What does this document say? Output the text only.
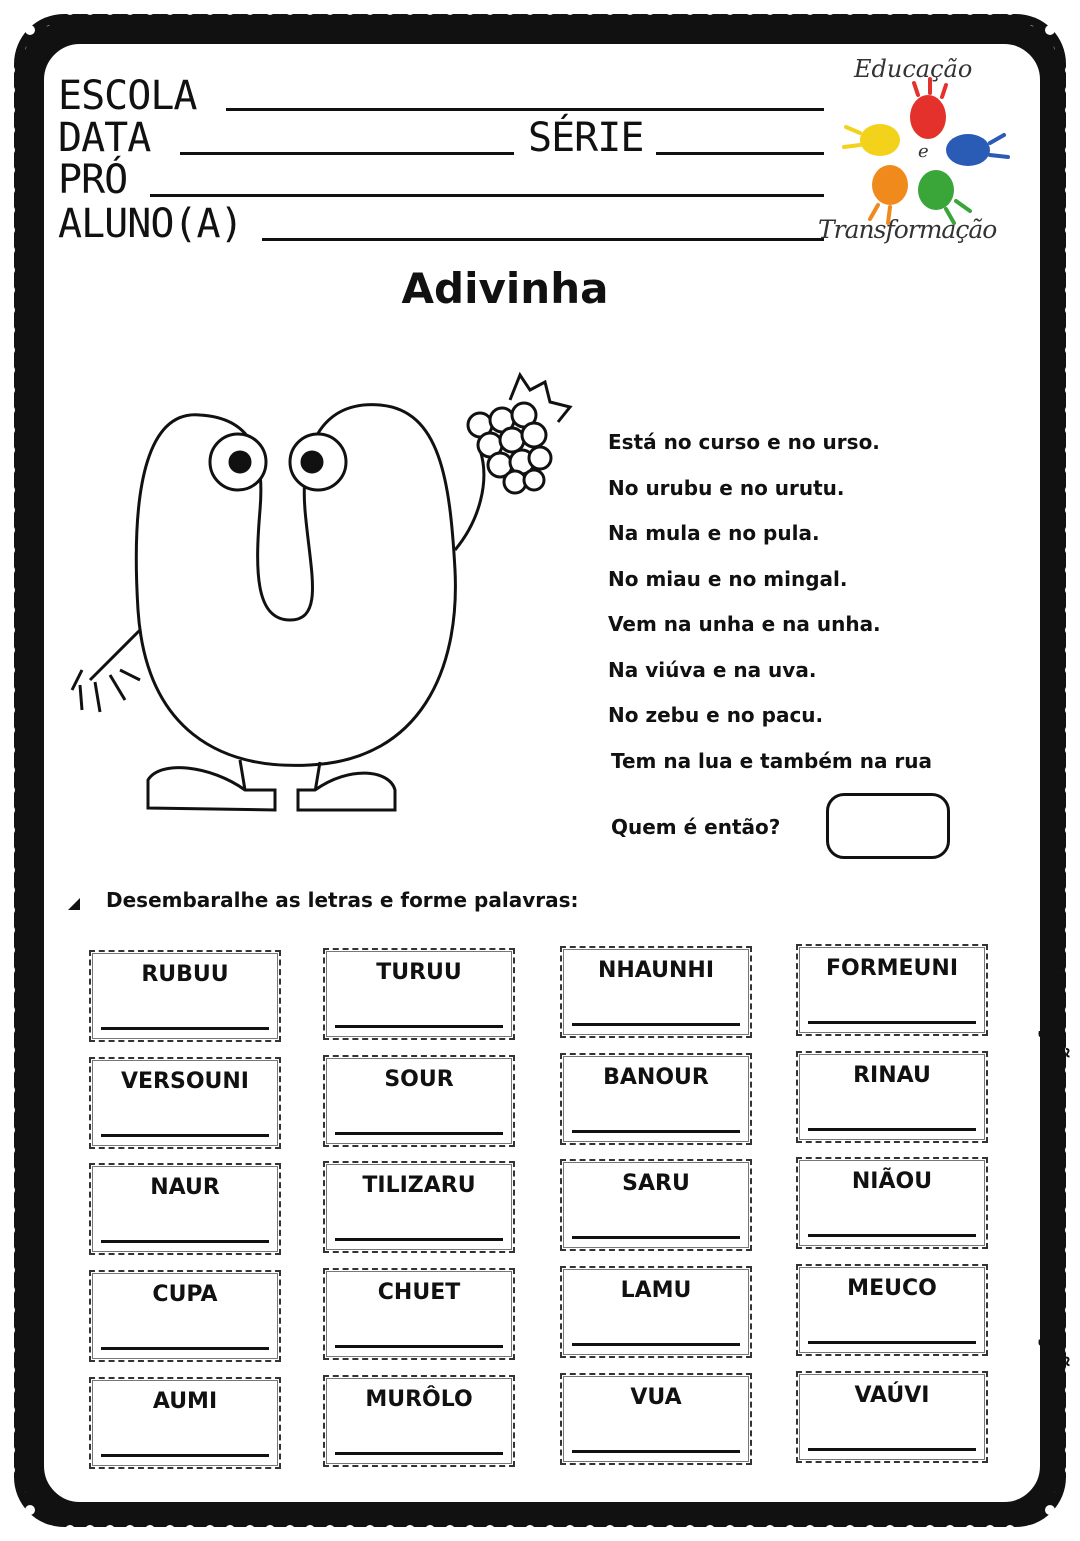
ESCOLA
DATA	SÉRIE
PRÓ
ALUNO(A)
Educação
e
Transformação
Adivinha
Está no curso e no urso.
No urubu e no urutu.
Na mula e no pula.
No miau e no mingal.
Vem na unha e na unha.
Na viúva e na uva.
No zebu e no pacu.
Tem na lua e também na rua
Quem é então?
Desembaralhe as letras e forme palavras:
RUBUU	TURUU	NHAUNHI	FORMEUNI
VERSOUNI	SOUR	BANOUR	RINAU
NAUR	TILIZARU	SARU	NIÃOU
CUPA	CHUET	LAMU	MEUCO
AUMI	MURÔLO	VUA	VAÚVI
EDUCAÇÃO E TRANSFORMAÇÃO
